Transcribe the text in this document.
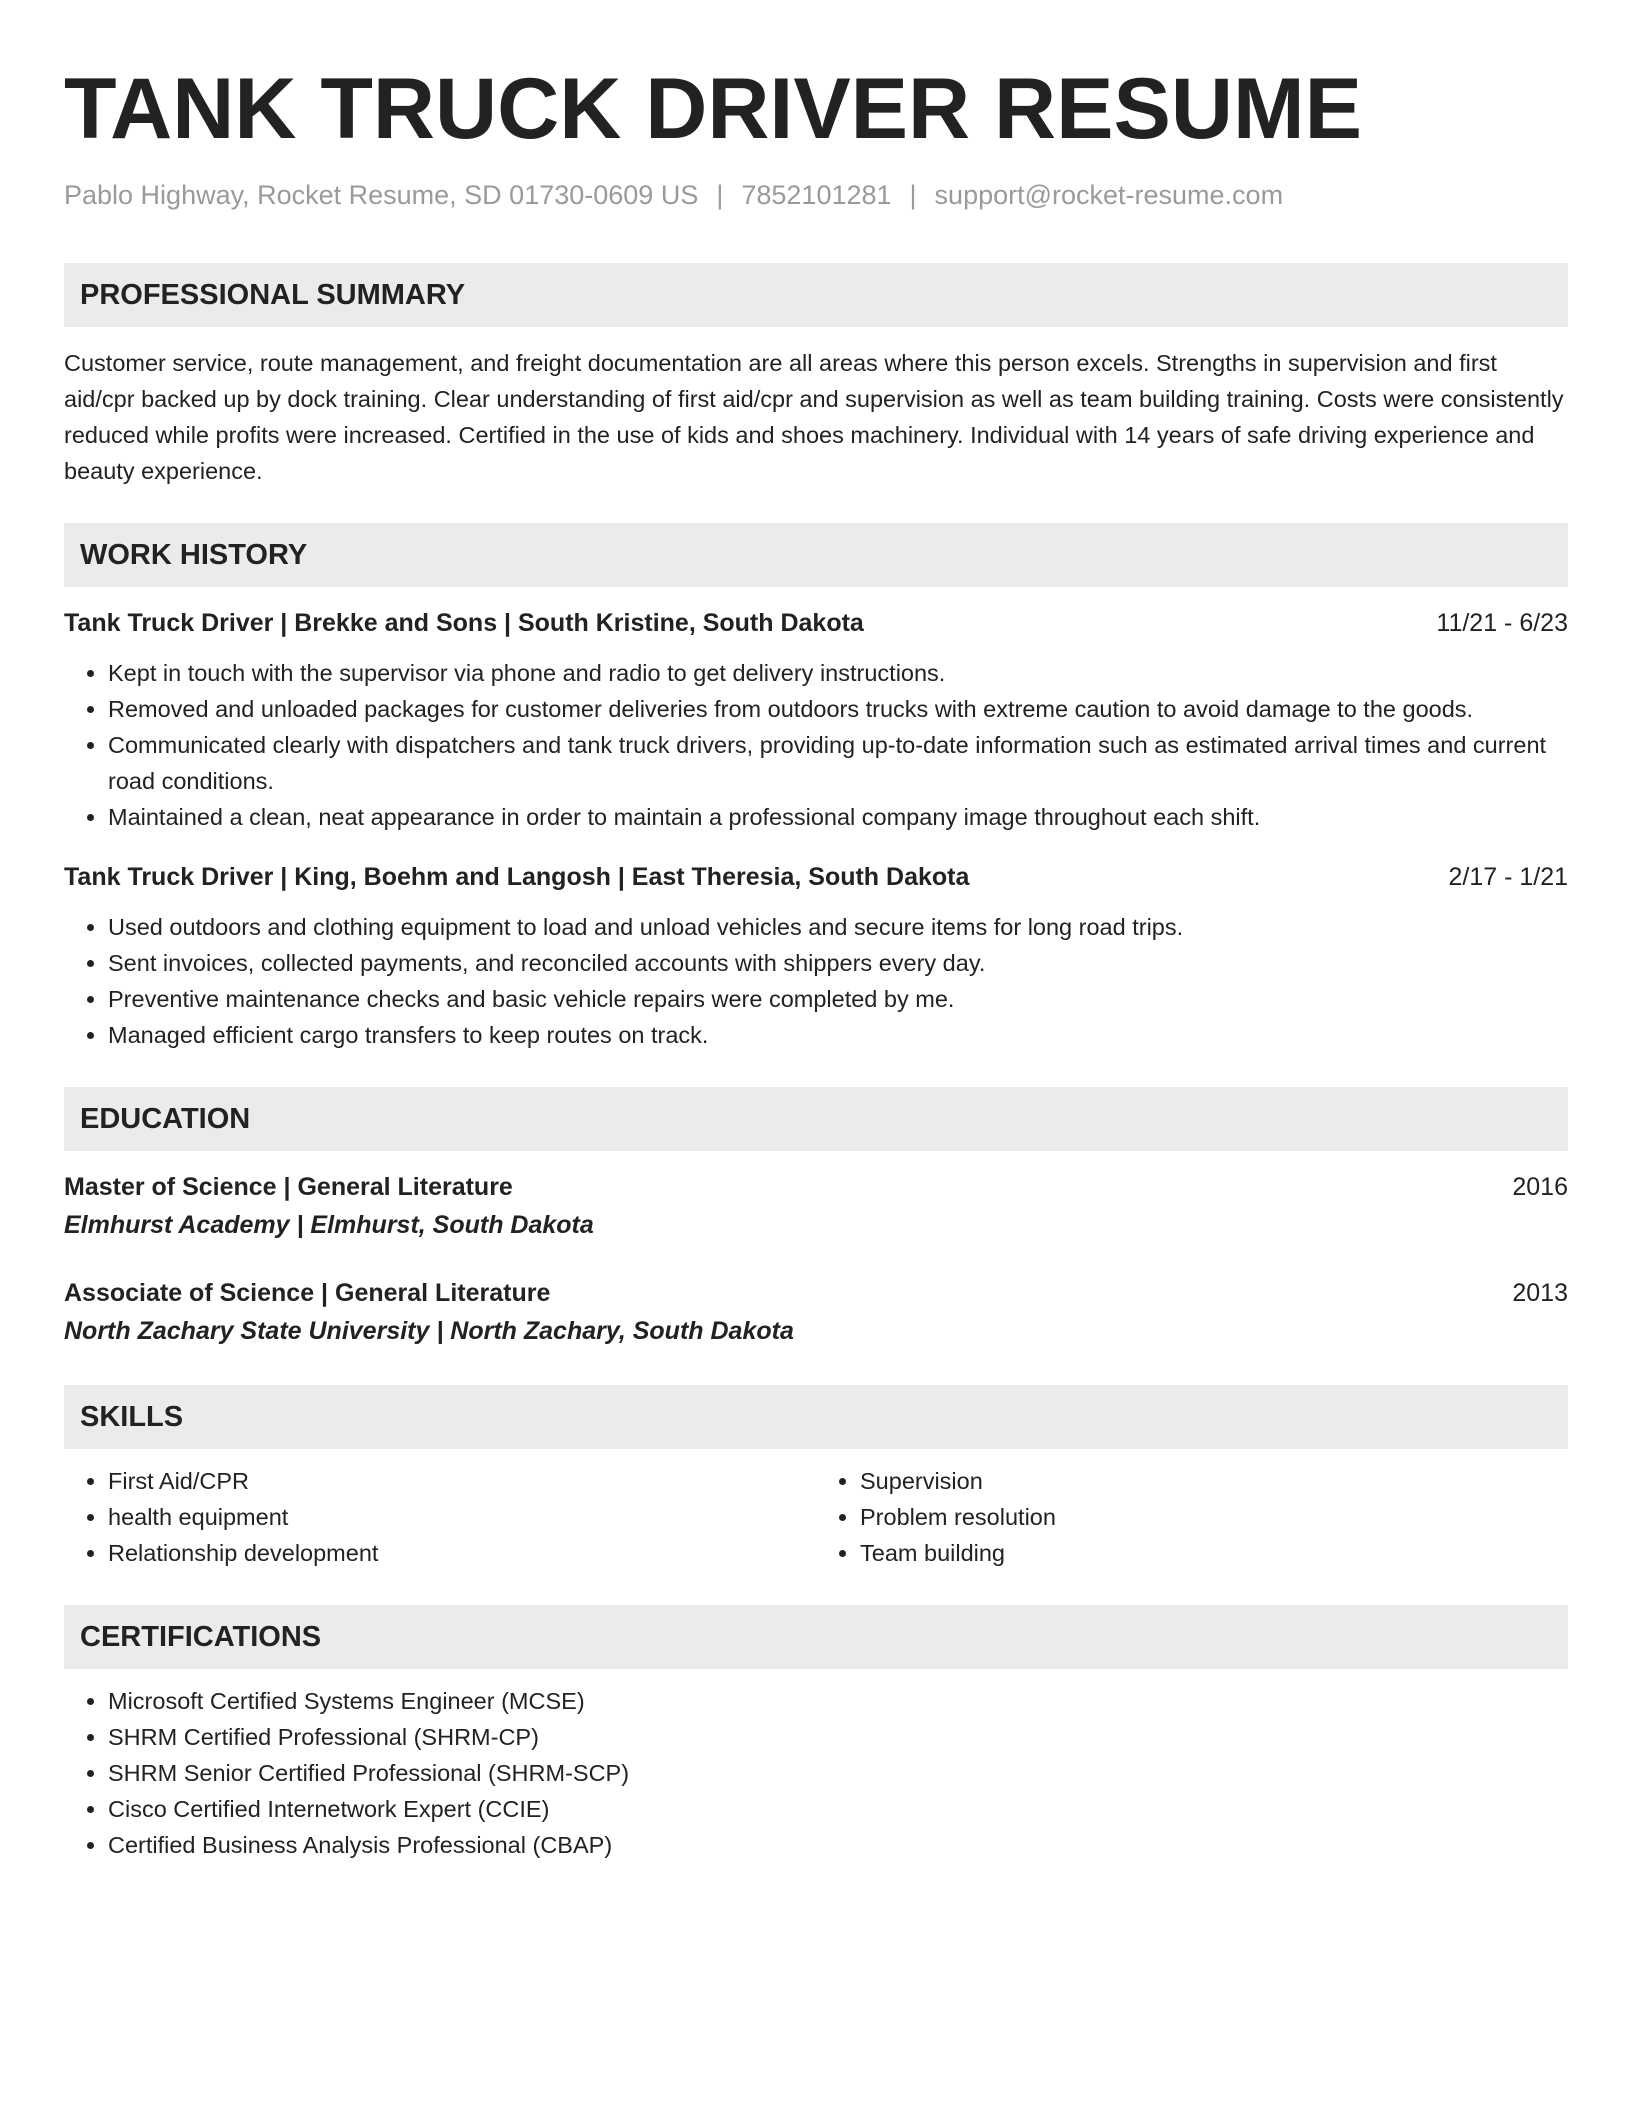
TANK TRUCK DRIVER RESUME
Pablo Highway, Rocket Resume, SD 01730-0609 US | 7852101281 | support@rocket-resume.com
PROFESSIONAL SUMMARY
Customer service, route management, and freight documentation are all areas where this person excels. Strengths in supervision and first aid/cpr backed up by dock training. Clear understanding of first aid/cpr and supervision as well as team building training. Costs were consistently reduced while profits were increased. Certified in the use of kids and shoes machinery. Individual with 14 years of safe driving experience and beauty experience.
WORK HISTORY
Tank Truck Driver | Brekke and Sons | South Kristine, South Dakota	11/21 - 6/23
• Kept in touch with the supervisor via phone and radio to get delivery instructions.
• Removed and unloaded packages for customer deliveries from outdoors trucks with extreme caution to avoid damage to the goods.
• Communicated clearly with dispatchers and tank truck drivers, providing up-to-date information such as estimated arrival times and current road conditions.
• Maintained a clean, neat appearance in order to maintain a professional company image throughout each shift.
Tank Truck Driver | King, Boehm and Langosh | East Theresia, South Dakota	2/17 - 1/21
• Used outdoors and clothing equipment to load and unload vehicles and secure items for long road trips.
• Sent invoices, collected payments, and reconciled accounts with shippers every day.
• Preventive maintenance checks and basic vehicle repairs were completed by me.
• Managed efficient cargo transfers to keep routes on track.
EDUCATION
Master of Science | General Literature	2016
Elmhurst Academy | Elmhurst, South Dakota
Associate of Science | General Literature	2013
North Zachary State University | North Zachary, South Dakota
SKILLS
• First Aid/CPR
• health equipment
• Relationship development
• Supervision
• Problem resolution
• Team building
CERTIFICATIONS
• Microsoft Certified Systems Engineer (MCSE)
• SHRM Certified Professional (SHRM-CP)
• SHRM Senior Certified Professional (SHRM-SCP)
• Cisco Certified Internetwork Expert (CCIE)
• Certified Business Analysis Professional (CBAP)
